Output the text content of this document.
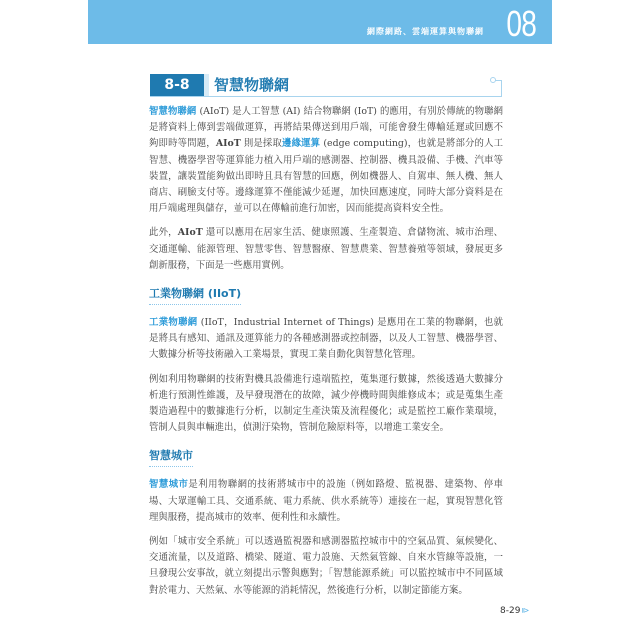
網際網路、雲端運算與物聯網 08
8-8	智慧物聯網

智慧物聯網 (AIoT) 是人工智慧 (AI) 結合物聯網 (IoT) 的應用，有別於傳統的物聯網是將資料上傳到雲端做運算，再將結果傳送到用戶端，可能會發生傳輸延遲或回應不夠即時等問題，AIoT 則是採取邊緣運算 (edge computing)，也就是將部分的人工智慧、機器學習等運算能力植入用戶端的感測器、控制器、機具設備、手機、汽車等裝置，讓裝置能夠做出即時且具有智慧的回應，例如機器人、自駕車、無人機、無人商店、刷臉支付等。邊緣運算不僅能減少延遲，加快回應速度，同時大部分資料是在用戶端處理與儲存，並可以在傳輸前進行加密，因而能提高資料安全性。

此外，AIoT 還可以應用在居家生活、健康照護、生產製造、倉儲物流、城市治理、交通運輸、能源管理、智慧零售、智慧醫療、智慧農業、智慧養殖等領域，發展更多創新服務，下面是一些應用實例。

工業物聯網 (IIoT)

工業物聯網 (IIoT，Industrial Internet of Things) 是應用在工業的物聯網，也就是將具有感知、通訊及運算能力的各種感測器或控制器，以及人工智慧、機器學習、大數據分析等技術融入工業場景，實現工業自動化與智慧化管理。

例如利用物聯網的技術對機具設備進行遠端監控，蒐集運行數據，然後透過大數據分析進行預測性維護，及早發現潛在的故障，減少停機時間與維修成本；或是蒐集生產製造過程中的數據進行分析，以制定生產決策及流程優化；或是監控工廠作業環境，管制人員與車輛進出，偵測汙染物，管制危險原料等，以增進工業安全。

智慧城市

智慧城市是利用物聯網的技術將城市中的設施（例如路燈、監視器、建築物、停車場、大眾運輸工具、交通系統、電力系統、供水系統等）連接在一起，實現智慧化管理與服務，提高城市的效率、便利性和永續性。

例如「城市安全系統」可以透過監視器和感測器監控城市中的空氣品質、氣候變化、交通流量，以及道路、橋梁、隧道、電力設施、天然氣管線、自來水管線等設施，一旦發現公安事故，就立刻提出示警與應對；「智慧能源系統」可以監控城市中不同區域對於電力、天然氣、水等能源的消耗情況，然後進行分析，以制定節能方案。

8-29⧐
